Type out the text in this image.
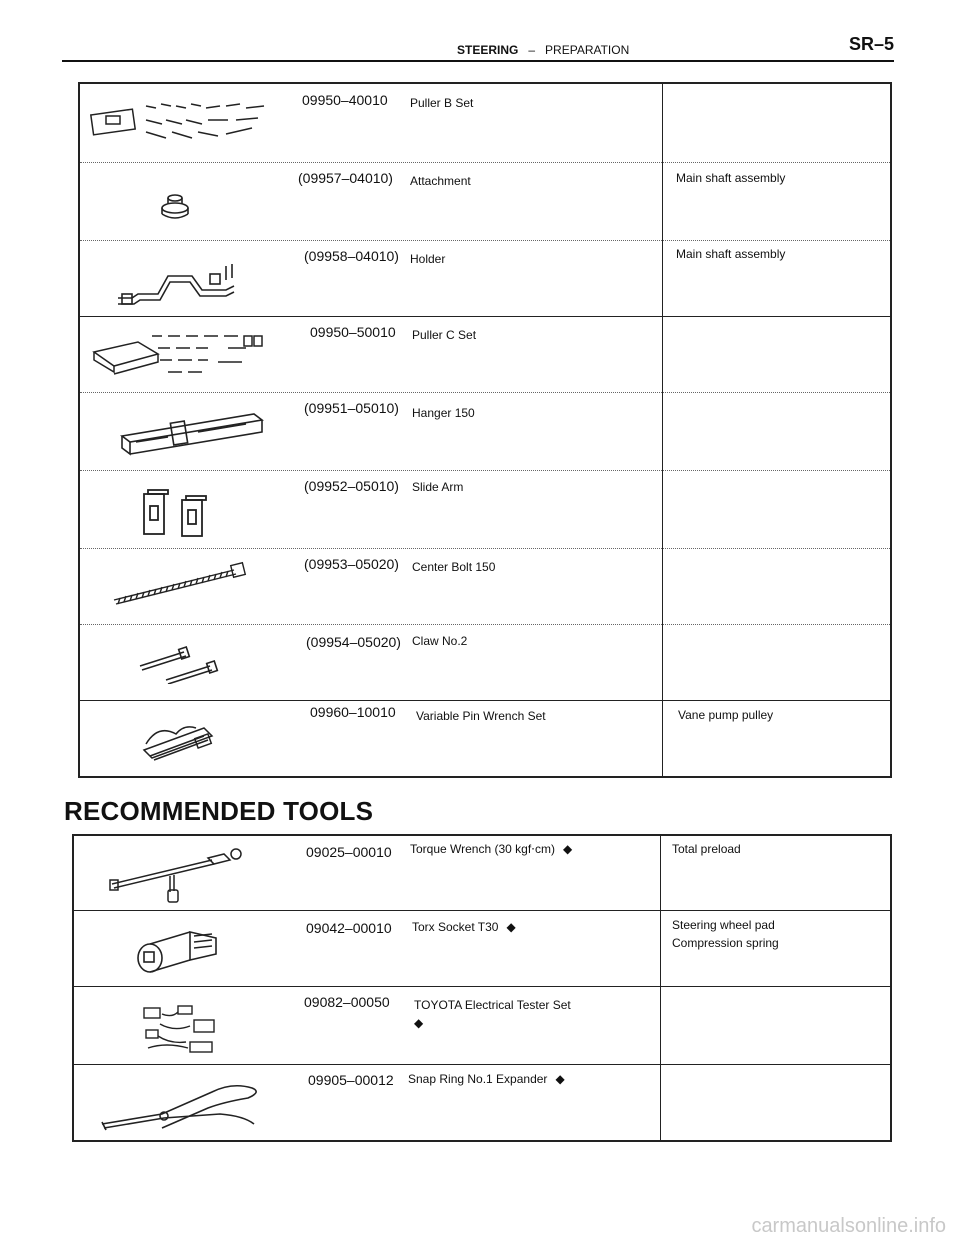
STEERING – PREPARATION	SR–5
09950–40010 Puller B Set
(09957–04010) Attachment	Main shaft assembly
(09958–04010) Holder	Main shaft assembly
09950–50010 Puller C Set
(09951–05010) Hanger 150
(09952–05010) Slide Arm
(09953–05020) Center Bolt 150
(09954–05020) Claw No.2
09960–10010 Variable Pin Wrench Set	Vane pump pulley
RECOMMENDED TOOLS
09025–00010 Torque Wrench (30 kgf⋅cm) ◆	Total preload
09042–00010 Torx Socket T30 ◆	Steering wheel pad
Compression spring
09082–00050 TOYOTA Electrical Tester Set
◆
09905–00012 Snap Ring No.1 Expander ◆
carmanualsonline.info
